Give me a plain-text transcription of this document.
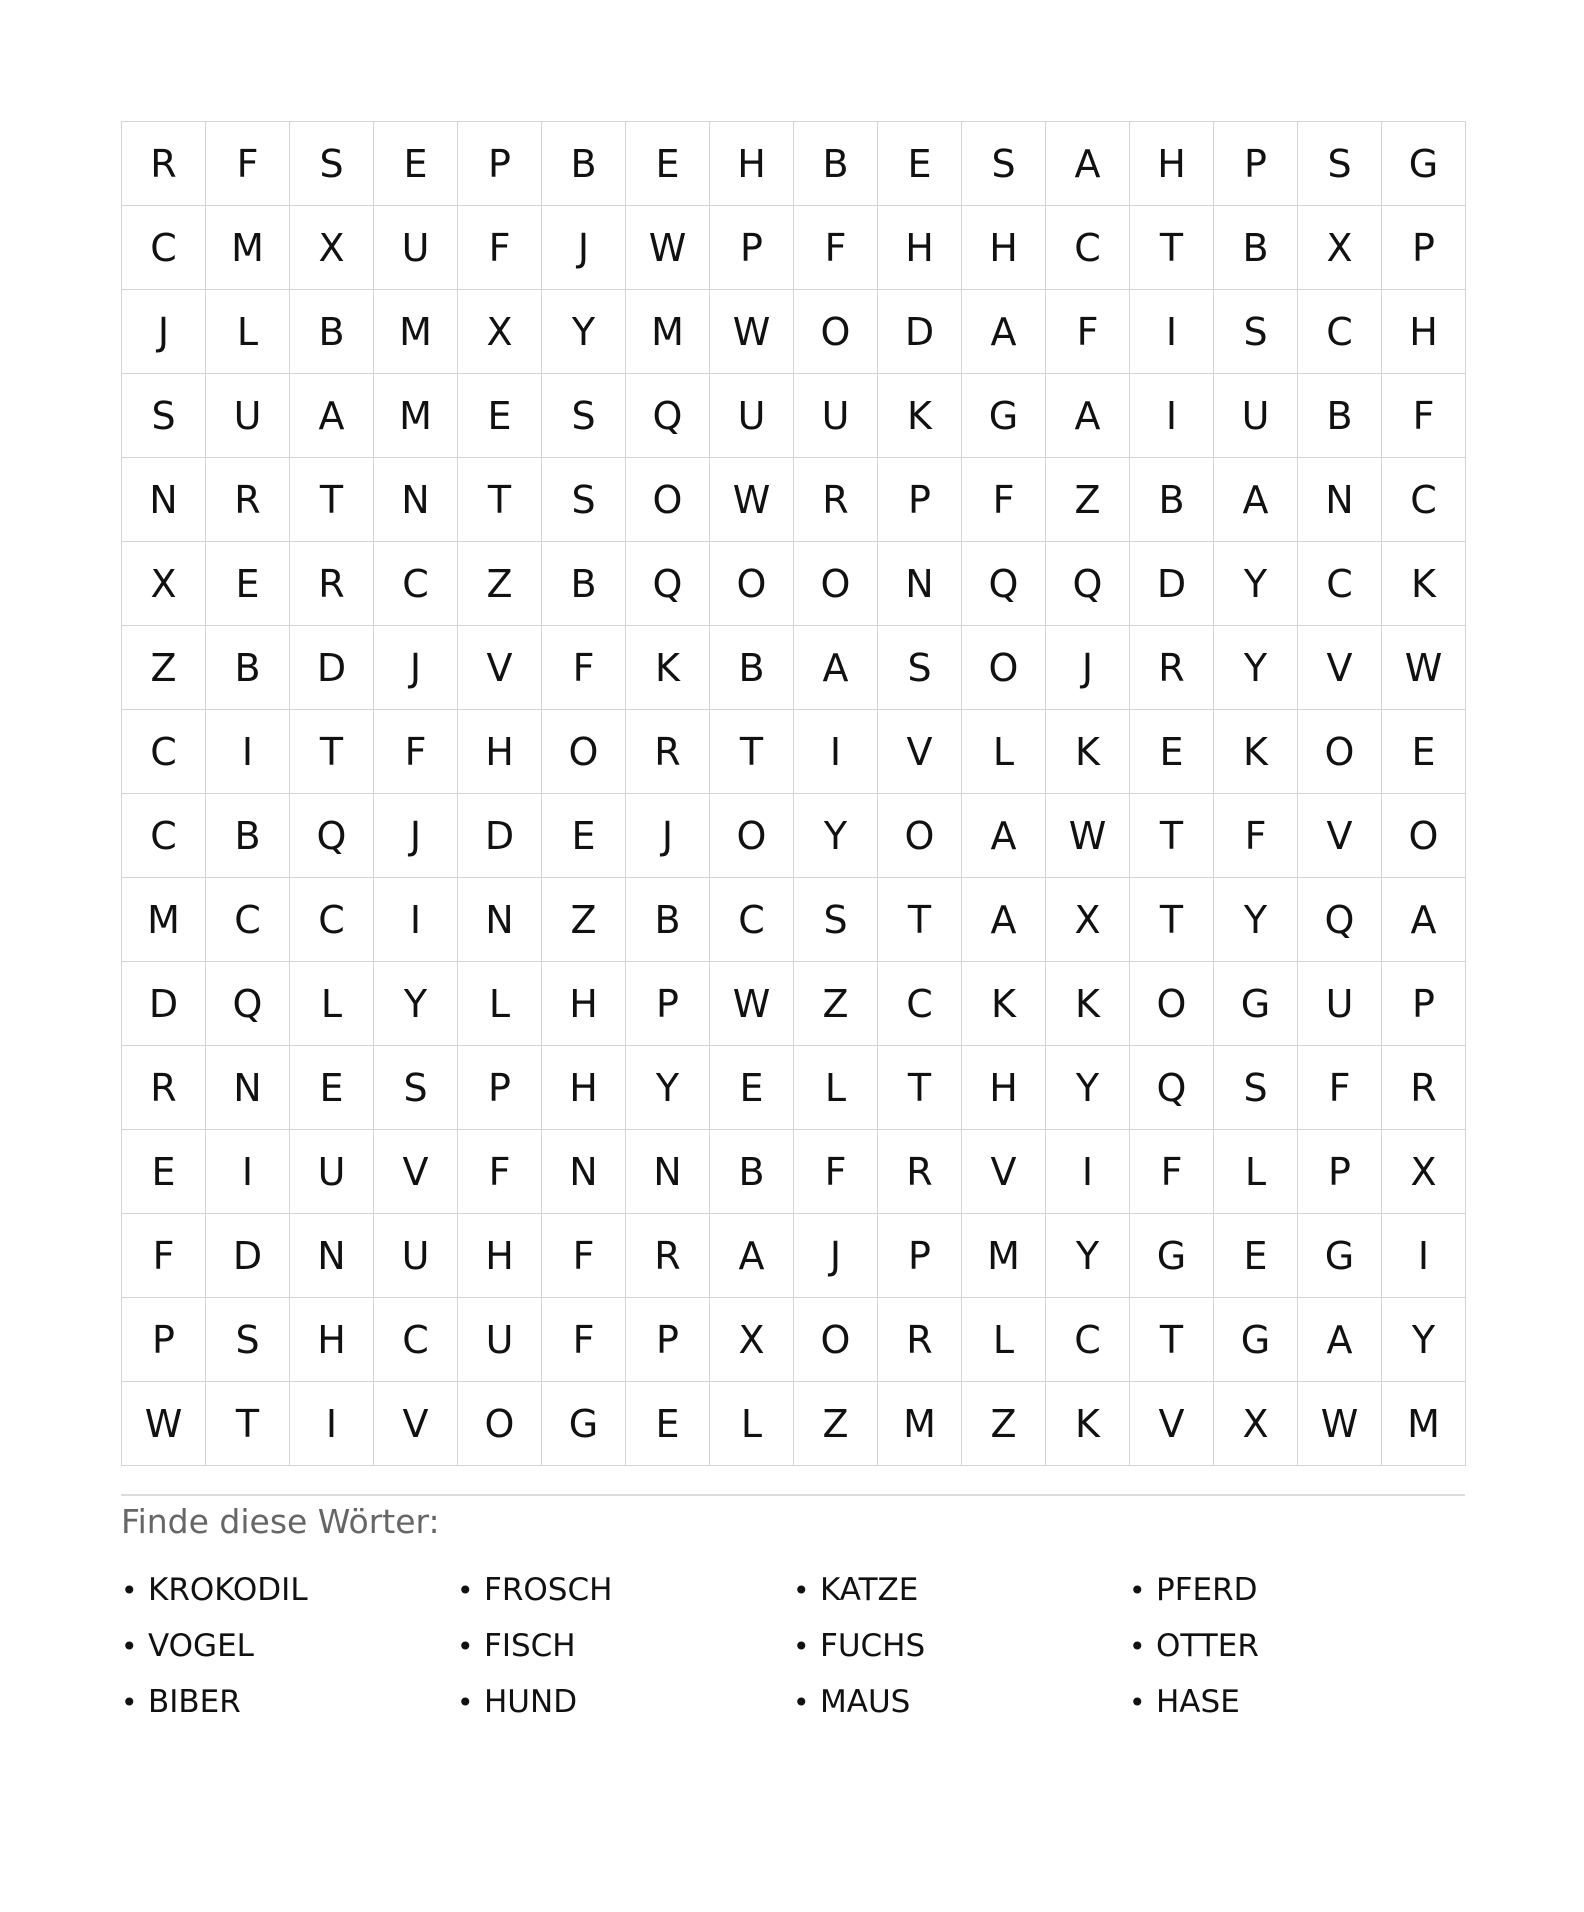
R	F	S	E	P	B	E	H	B	E	S	A	H	P	S	G
C	M	X	U	F	J	W	P	F	H	H	C	T	B	X	P
J	L	B	M	X	Y	M	W	O	D	A	F	I	S	C	H
S	U	A	M	E	S	Q	U	U	K	G	A	I	U	B	F
N	R	T	N	T	S	O	W	R	P	F	Z	B	A	N	C
X	E	R	C	Z	B	Q	O	O	N	Q	Q	D	Y	C	K
Z	B	D	J	V	F	K	B	A	S	O	J	R	Y	V	W
C	I	T	F	H	O	R	T	I	V	L	K	E	K	O	E
C	B	Q	J	D	E	J	O	Y	O	A	W	T	F	V	O
M	C	C	I	N	Z	B	C	S	T	A	X	T	Y	Q	A
D	Q	L	Y	L	H	P	W	Z	C	K	K	O	G	U	P
R	N	E	S	P	H	Y	E	L	T	H	Y	Q	S	F	R
E	I	U	V	F	N	N	B	F	R	V	I	F	L	P	X
F	D	N	U	H	F	R	A	J	P	M	Y	G	E	G	I
P	S	H	C	U	F	P	X	O	R	L	C	T	G	A	Y
W	T	I	V	O	G	E	L	Z	M	Z	K	V	X	W	M
Finde diese Wörter:
• KROKODIL	• FROSCH	• KATZE	• PFERD
• VOGEL	• FISCH	• FUCHS	• OTTER
• BIBER	• HUND	• MAUS	• HASE
